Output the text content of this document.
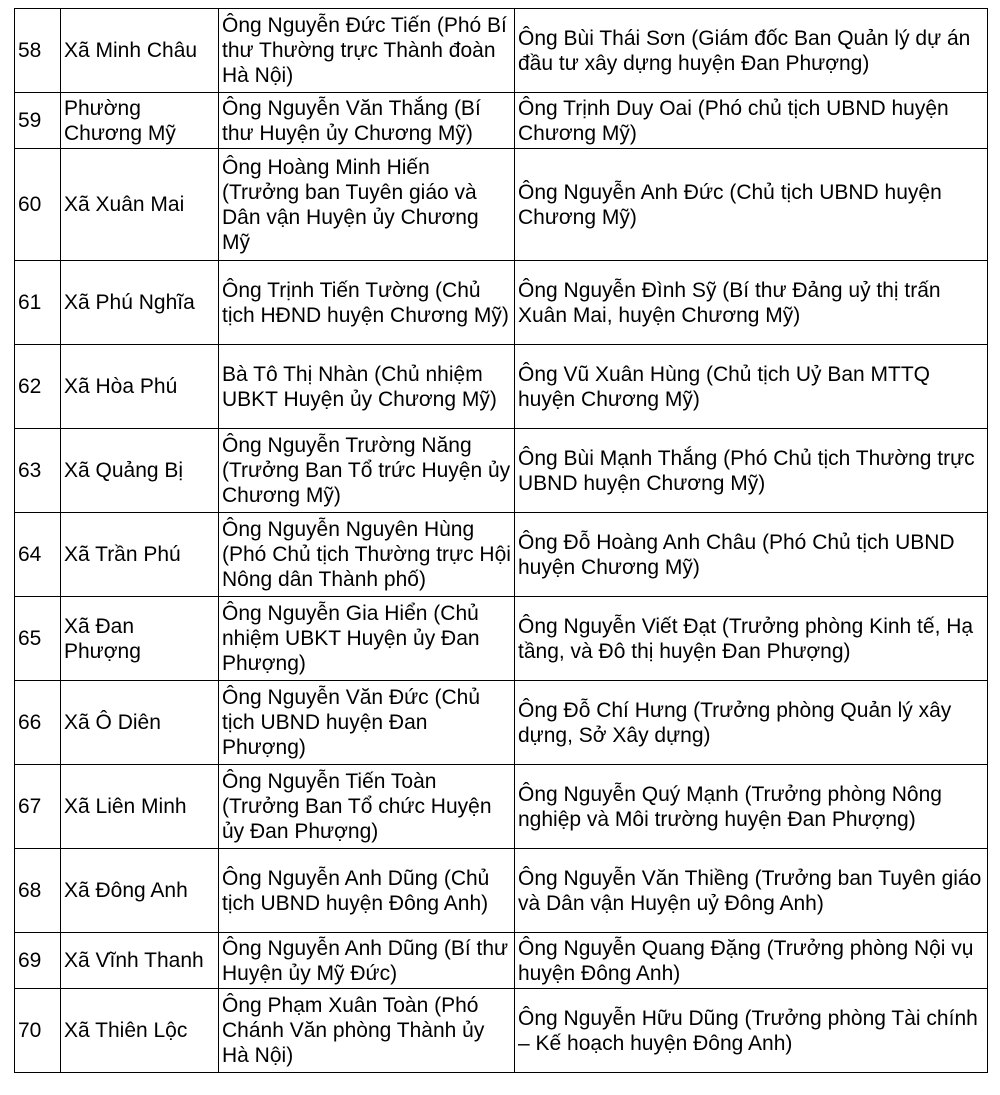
58	Xã Minh Châu	Ông Nguyễn Đức Tiến (Phó Bí thư Thường trực Thành đoàn Hà Nội)	Ông Bùi Thái Sơn (Giám đốc Ban Quản lý dự án đầu tư xây dựng huyện Đan Phượng)
59	Phường Chương Mỹ	Ông Nguyễn Văn Thắng (Bí thư Huyện ủy Chương Mỹ)	Ông Trịnh Duy Oai (Phó chủ tịch UBND huyện Chương Mỹ)
60	Xã Xuân Mai	Ông Hoàng Minh Hiến (Trưởng ban Tuyên giáo và Dân vận Huyện ủy Chương Mỹ	Ông Nguyễn Anh Đức (Chủ tịch UBND huyện Chương Mỹ)
61	Xã Phú Nghĩa	Ông Trịnh Tiến Tường (Chủ tịch HĐND huyện Chương Mỹ)	Ông Nguyễn Đình Sỹ (Bí thư Đảng uỷ thị trấn Xuân Mai, huyện Chương Mỹ)
62	Xã Hòa Phú	Bà Tô Thị Nhàn (Chủ nhiệm UBKT Huyện ủy Chương Mỹ)	Ông Vũ Xuân Hùng (Chủ tịch Uỷ Ban MTTQ huyện Chương Mỹ)
63	Xã Quảng Bị	Ông Nguyễn Trường Năng (Trưởng Ban Tổ trức Huyện ủy Chương Mỹ)	Ông Bùi Mạnh Thắng (Phó Chủ tịch Thường trực UBND huyện Chương Mỹ)
64	Xã Trần Phú	Ông Nguyễn Nguyên Hùng (Phó Chủ tịch Thường trực Hội Nông dân Thành phố)	Ông Đỗ Hoàng Anh Châu (Phó Chủ tịch UBND huyện Chương Mỹ)
65	Xã Đan Phượng	Ông Nguyễn Gia Hiển (Chủ nhiệm UBKT Huyện ủy Đan Phượng)	Ông Nguyễn Viết Đạt (Trưởng phòng Kinh tế, Hạ tầng, và Đô thị huyện Đan Phượng)
66	Xã Ô Diên	Ông Nguyễn Văn Đức (Chủ tịch UBND huyện Đan Phượng)	Ông Đỗ Chí Hưng (Trưởng phòng Quản lý xây dựng, Sở Xây dựng)
67	Xã Liên Minh	Ông Nguyễn Tiến Toàn (Trưởng Ban Tổ chức Huyện ủy Đan Phượng)	Ông Nguyễn Quý Mạnh (Trưởng phòng Nông nghiệp và Môi trường huyện Đan Phượng)
68	Xã Đông Anh	Ông Nguyễn Anh Dũng (Chủ tịch UBND huyện Đông Anh)	Ông Nguyễn Văn Thiềng (Trưởng ban Tuyên giáo và Dân vận Huyện uỷ Đông Anh)
69	Xã Vĩnh Thanh	Ông Nguyễn Anh Dũng (Bí thư Huyện ủy Mỹ Đức)	Ông Nguyễn Quang Đặng (Trưởng phòng Nội vụ huyện Đông Anh)
70	Xã Thiên Lộc	Ông Phạm Xuân Toàn (Phó Chánh Văn phòng Thành ủy Hà Nội)	Ông Nguyễn Hữu Dũng (Trưởng phòng Tài chính – Kế hoạch huyện Đông Anh)
